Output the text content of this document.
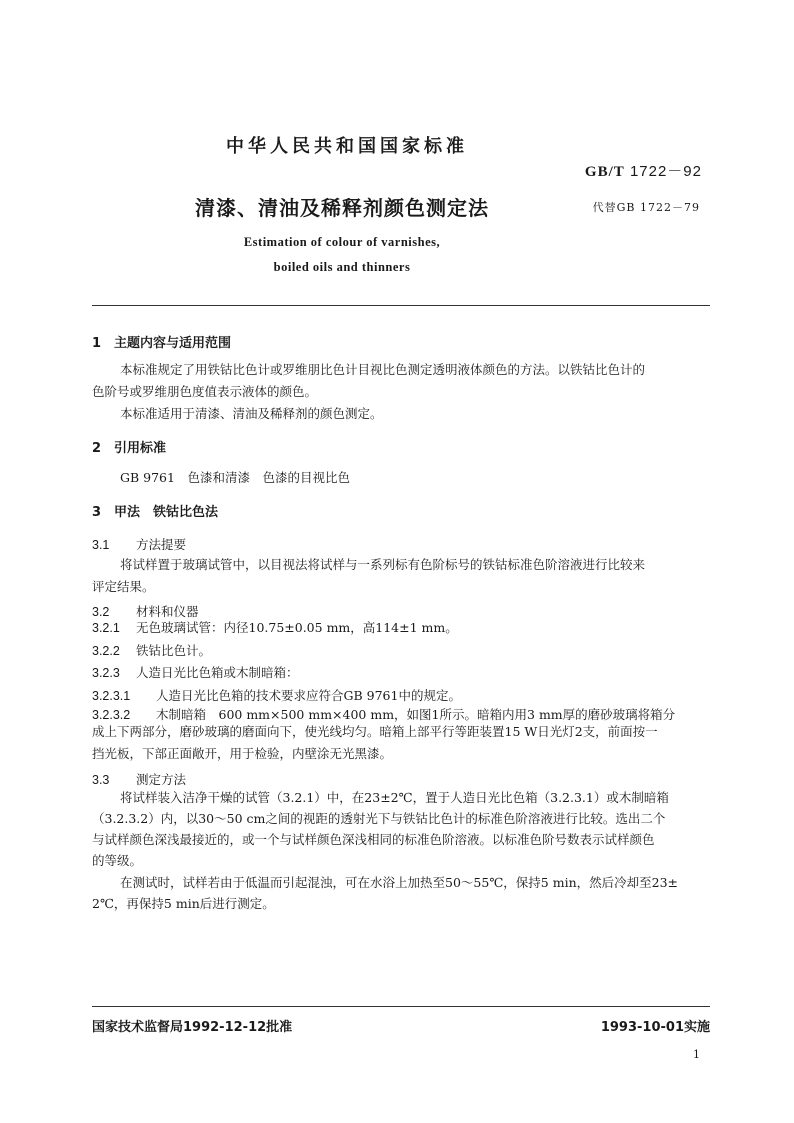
中华人民共和国国家标准
GB/T 1722－92
清漆、清油及稀释剂颜色测定法	代替GB 1722－79
Estimation of colour of varnishes,
boiled oils and thinners
1 主题内容与适用范围
本标准规定了用铁钴比色计或罗维朋比色计目视比色测定透明液体颜色的方法。以铁钴比色计的
色阶号或罗维朋色度值表示液体的颜色。
本标准适用于清漆、清油及稀释剂的颜色测定。
2 引用标准
GB 9761　色漆和清漆　色漆的目视比色
3 甲法　铁钴比色法
3.1 方法提要
将试样置于玻璃试管中，以目视法将试样与一系列标有色阶标号的铁钴标准色阶溶液进行比较来
评定结果。
3.2 材料和仪器
3.2.1 无色玻璃试管：内径10.75±0.05 mm，高114±1 mm。
3.2.2 铁钴比色计。
3.2.3 人造日光比色箱或木制暗箱：
3.2.3.1 人造日光比色箱的技术要求应符合GB 9761中的规定。
3.2.3.2 木制暗箱　600 mm×500 mm×400 mm，如图1所示。暗箱内用3 mm厚的磨砂玻璃将箱分
成上下两部分，磨砂玻璃的磨面向下，使光线均匀。暗箱上部平行等距装置15 W日光灯2支，前面按一
挡光板，下部正面敞开，用于检验，内壁涂无光黑漆。
3.3 测定方法
将试样装入洁净干燥的试管（3.2.1）中，在23±2℃，置于人造日光比色箱（3.2.3.1）或木制暗箱
（3.2.3.2）内，以30～50 cm之间的视距的透射光下与铁钴比色计的标准色阶溶液进行比较。选出二个
与试样颜色深浅最接近的，或一个与试样颜色深浅相同的标准色阶溶液。以标准色阶号数表示试样颜色
的等级。
在测试时，试样若由于低温而引起混浊，可在水浴上加热至50～55℃，保持5 min，然后冷却至23±
2℃，再保持5 min后进行测定。
国家技术监督局1992-12-12批准	1993-10-01实施
1
